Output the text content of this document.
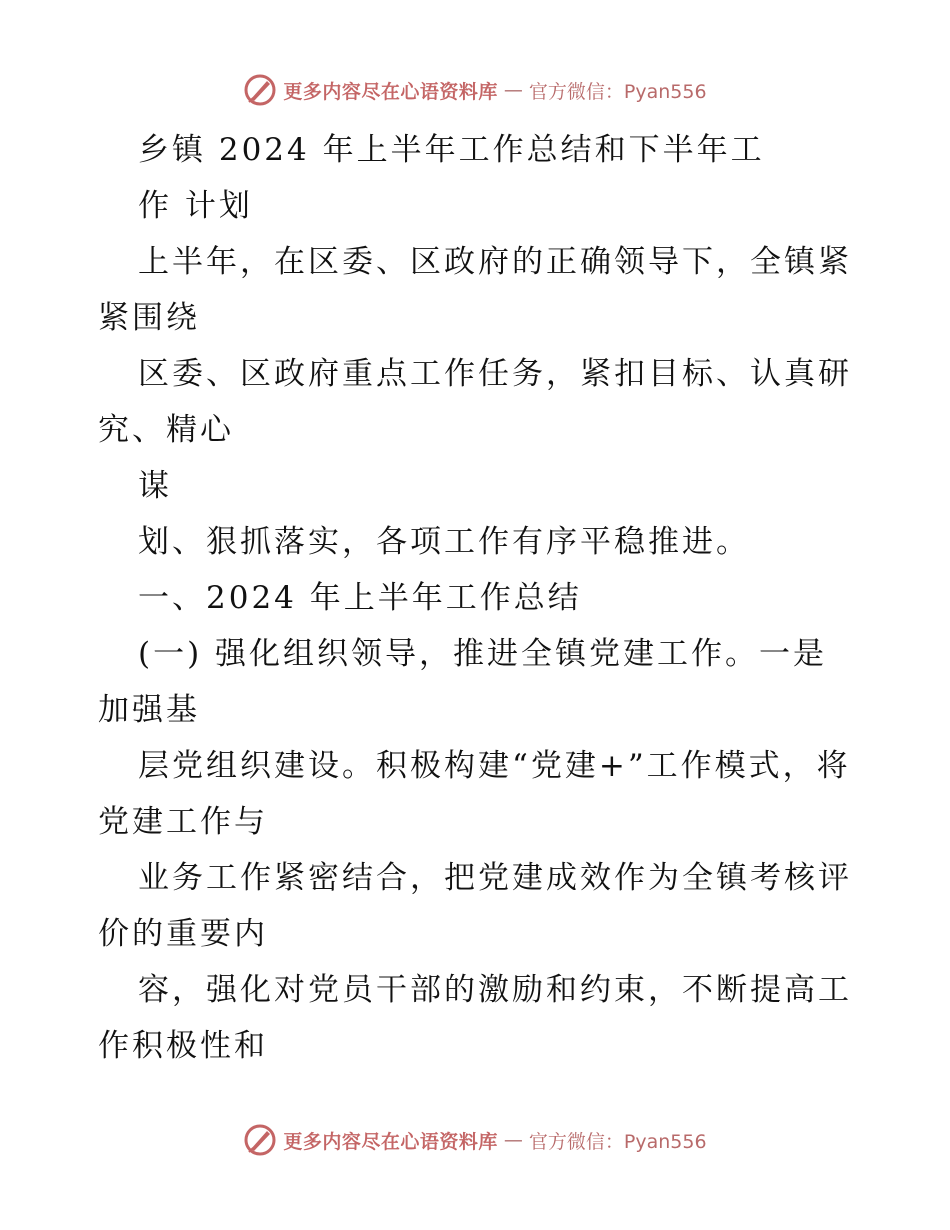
更多内容尽在心语资料库 — 官方微信：Pyan556

乡镇 2024 年上半年工作总结和下半年工

作 计划

上半年，在区委、区政府的正确领导下，全镇紧紧围绕

区委、区政府重点工作任务，紧扣目标、认真研究、精心

谋

划、狠抓落实，各项工作有序平稳推进。

一、2024 年上半年工作总结

(一) 强化组织领导，推进全镇党建工作。一是加强基

层党组织建设。积极构建“党建+”工作模式，将党建工作与

业务工作紧密结合，把党建成效作为全镇考核评价的重要内

容，强化对党员干部的激励和约束，不断提高工作积极性和

更多内容尽在心语资料库 — 官方微信：Pyan556
